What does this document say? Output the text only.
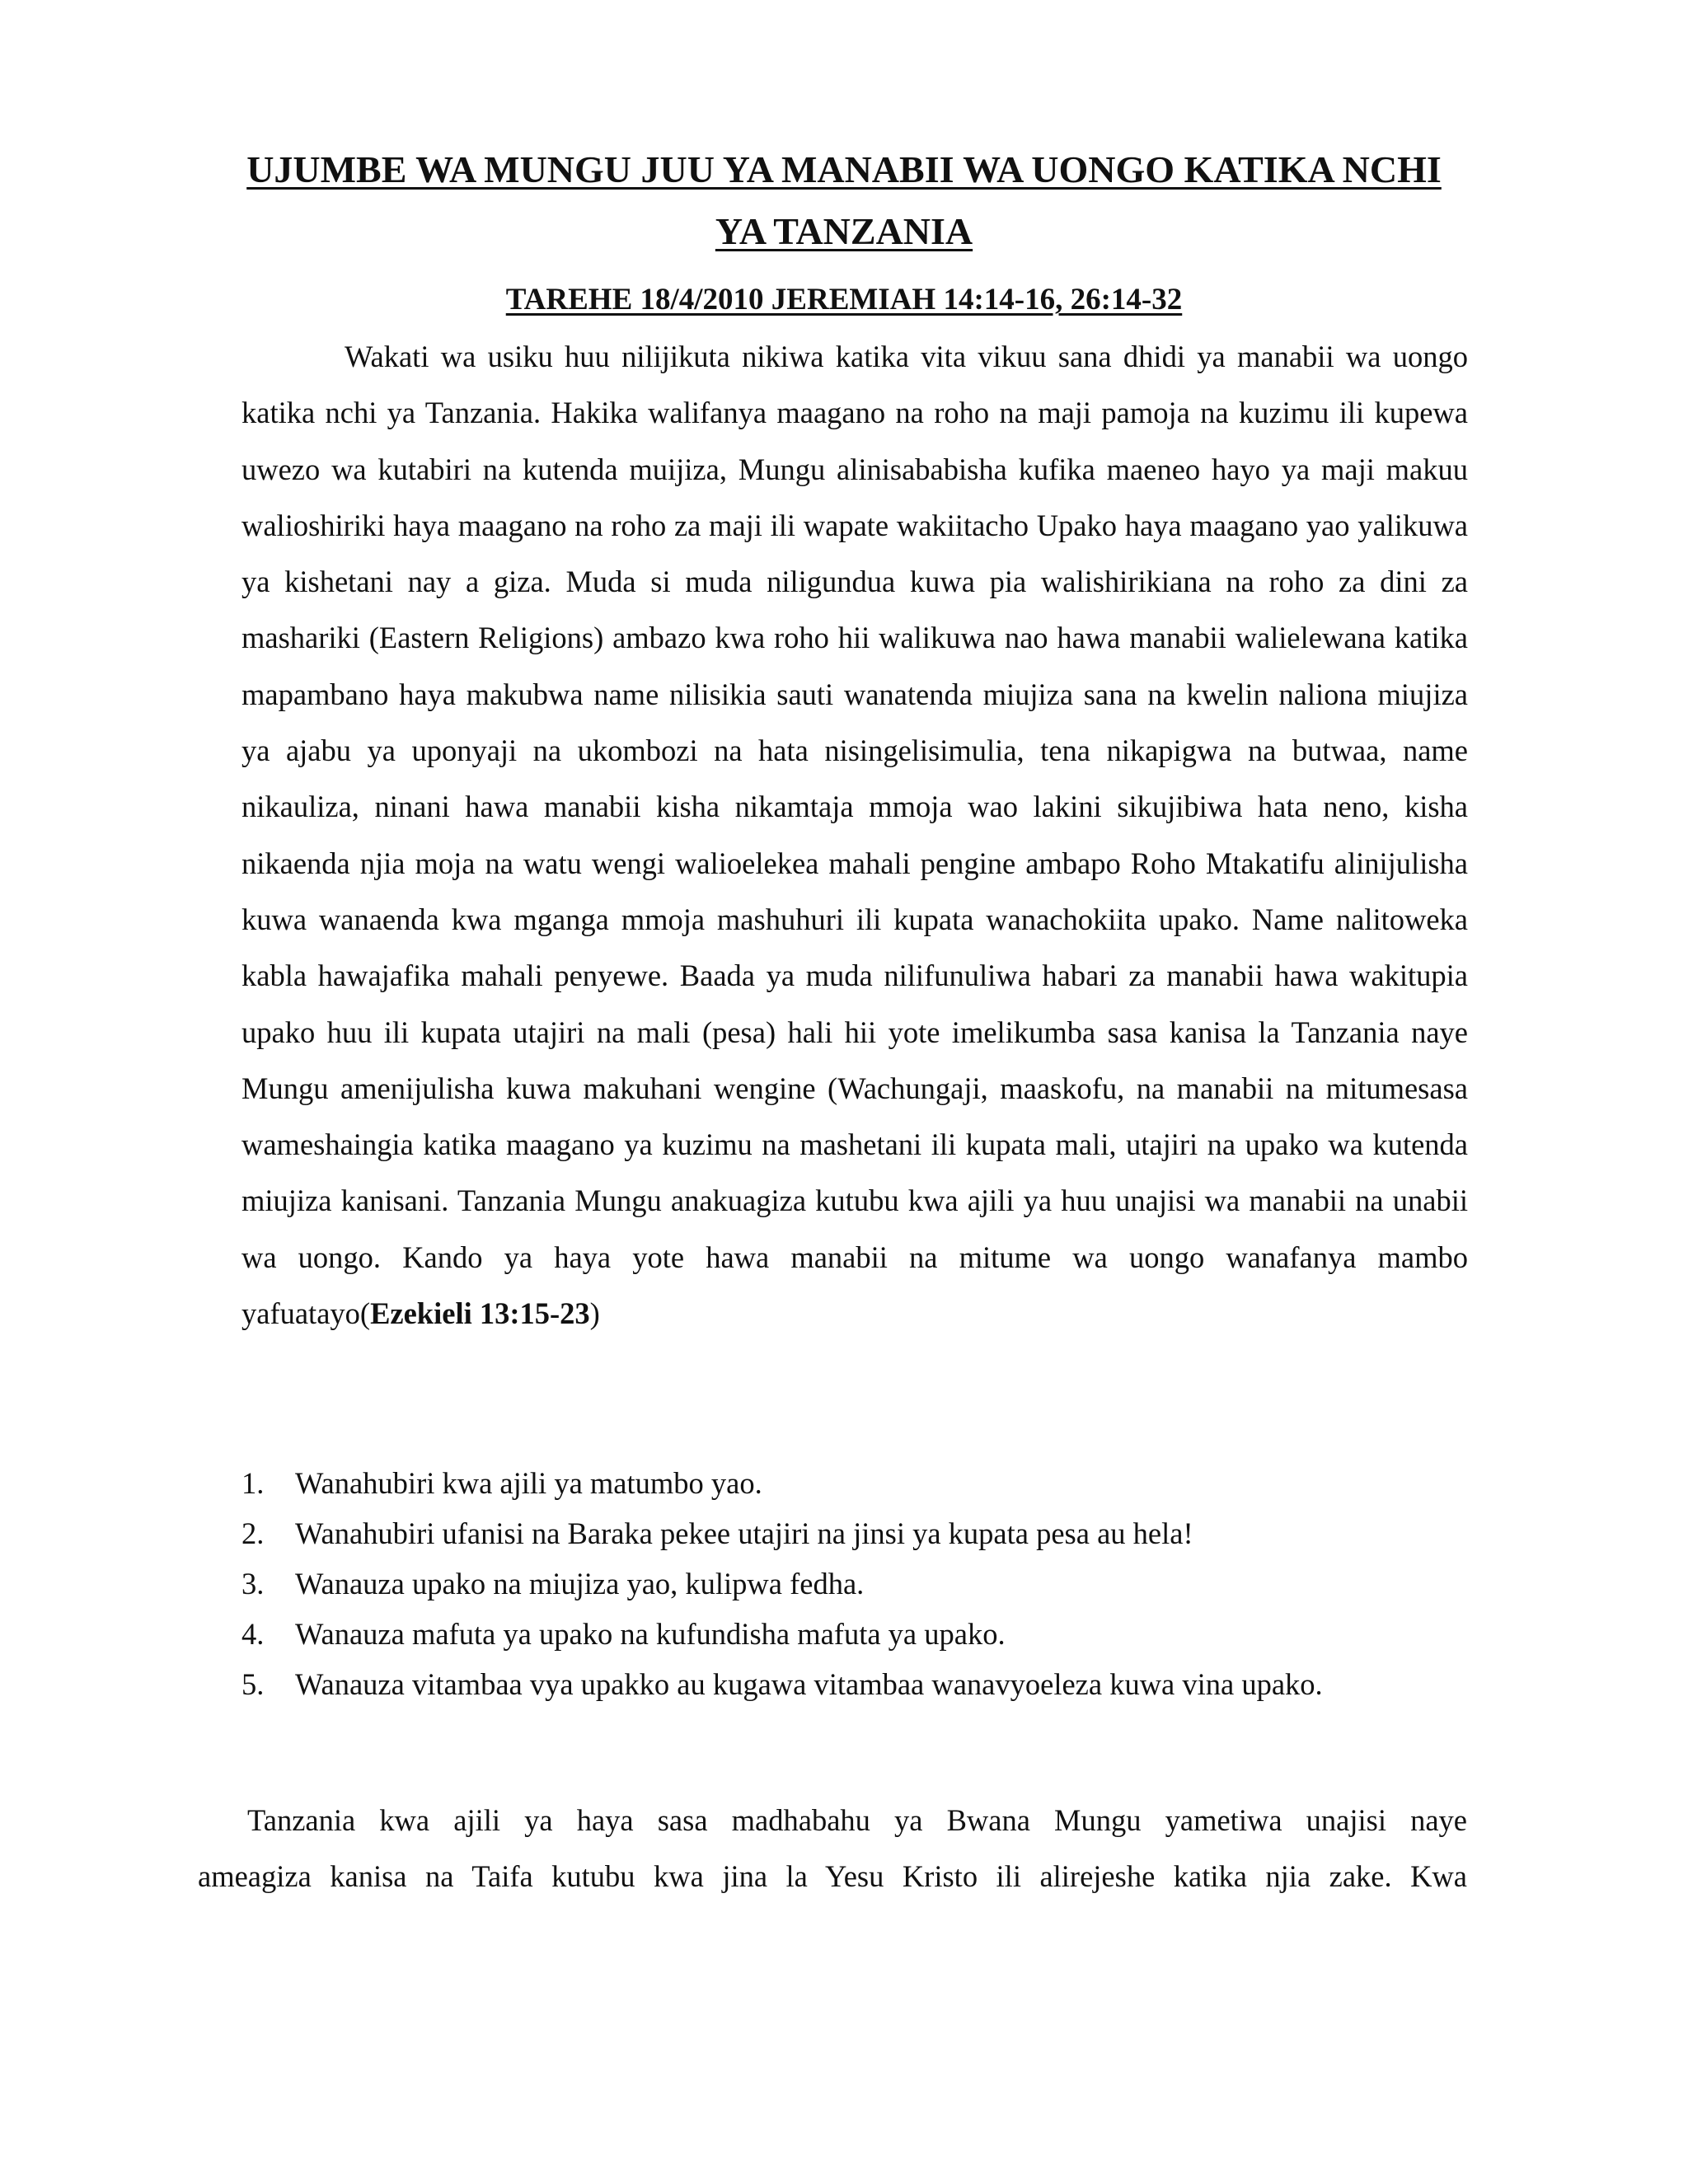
UJUMBE WA MUNGU JUU YA MANABII WA UONGO KATIKA NCHI
YA TANZANIA
TAREHE 18/4/2010 JEREMIAH 14:14-16, 26:14-32

Wakati wa usiku huu nilijikuta nikiwa katika vita vikuu sana dhidi ya manabii wa uongo katika nchi ya Tanzania. Hakika walifanya maagano na roho na maji pamoja na kuzimu ili kupewa uwezo wa kutabiri na kutenda muijiza, Mungu alinisababisha kufika maeneo hayo ya maji makuu walioshiriki haya maagano na roho za maji ili wapate wakiitacho Upako haya maagano yao yalikuwa ya kishetani nay a giza. Muda si muda niligundua kuwa pia walishirikiana na roho za dini za mashariki (Eastern Religions) ambazo kwa roho hii walikuwa nao hawa manabii walielewana katika mapambano haya makubwa name nilisikia sauti wanatenda miujiza sana na kwelin naliona miujiza ya ajabu ya uponyaji na ukombozi na hata nisingelisimulia, tena nikapigwa na butwaa, name nikauliza, ninani hawa manabii kisha nikamtaja mmoja wao lakini sikujibiwa hata neno, kisha nikaenda njia moja na watu wengi walioelekea mahali pengine ambapo Roho Mtakatifu alinijulisha kuwa wanaenda kwa mganga mmoja mashuhuri ili kupata wanachokiita upako. Name nalitoweka kabla hawajafika mahali penyewe. Baada ya muda nilifunuliwa habari za manabii hawa wakitupia upako huu ili kupata utajiri na mali (pesa) hali hii yote imelikumba sasa kanisa la Tanzania naye Mungu amenijulisha kuwa makuhani wengine (Wachungaji, maaskofu, na manabii na mitumesasa wameshaingia katika maagano ya kuzimu na mashetani ili kupata mali, utajiri na upako wa kutenda miujiza kanisani. Tanzania Mungu anakuagiza kutubu kwa ajili ya huu unajisi wa manabii na unabii wa uongo. Kando ya haya yote hawa manabii na mitume wa uongo wanafanya mambo yafuatayo(Ezekieli 13:15-23)

1. Wanahubiri kwa ajili ya matumbo yao.
2. Wanahubiri ufanisi na Baraka pekee utajiri na jinsi ya kupata pesa au hela!
3. Wanauza upako na miujiza yao, kulipwa fedha.
4. Wanauza mafuta ya upako na kufundisha mafuta ya upako.
5. Wanauza vitambaa vya upakko au kugawa vitambaa wanavyoeleza kuwa vina upako.

Tanzania kwa ajili ya haya sasa madhabahu ya Bwana Mungu yametiwa unajisi naye
ameagiza kanisa na Taifa kutubu kwa jina la Yesu Kristo ili alirejeshe katika njia zake. Kwa
